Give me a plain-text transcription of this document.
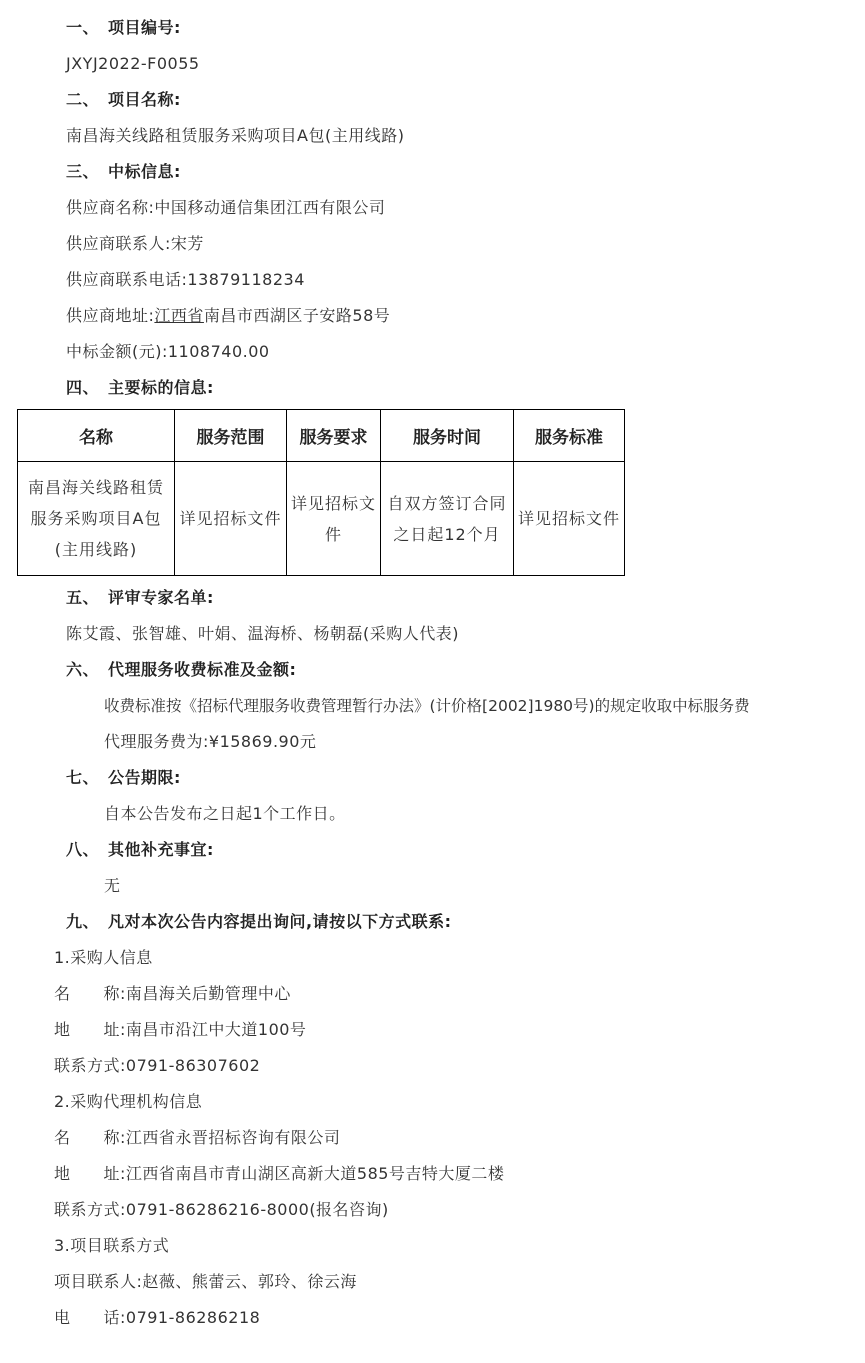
一、 项目编号:
JXYJ2022-F0055
二、 项目名称:
南昌海关线路租赁服务采购项目A包(主用线路)
三、 中标信息:
供应商名称:中国移动通信集团江西有限公司
供应商联系人:宋芳
供应商联系电话:13879118234
供应商地址:江西省南昌市西湖区子安路58号
中标金额(元):1108740.00
四、 主要标的信息:
名称	服务范围	服务要求	服务时间	服务标准
南昌海关线路租赁服务采购项目A包(主用线路)	详见招标文件	详见招标文件	自双方签订合同之日起12个月	详见招标文件
五、 评审专家名单:
陈艾霞、张智雄、叶娟、温海桥、杨朝磊(采购人代表)
六、 代理服务收费标准及金额:
收费标准按《招标代理服务收费管理暂行办法》(计价格[2002]1980号)的规定收取中标服务费
代理服务费为:¥15869.90元
七、 公告期限:
自本公告发布之日起1个工作日。
八、 其他补充事宜:
无
九、 凡对本次公告内容提出询问,请按以下方式联系:
1.采购人信息
名　　称:南昌海关后勤管理中心
地　　址:南昌市沿江中大道100号
联系方式:0791-86307602
2.采购代理机构信息
名　　称:江西省永晋招标咨询有限公司
地　　址:江西省南昌市青山湖区高新大道585号吉特大厦二楼
联系方式:0791-86286216-8000(报名咨询)
3.项目联系方式
项目联系人:赵薇、熊蕾云、郭玲、徐云海
电　　话:0791-86286218
